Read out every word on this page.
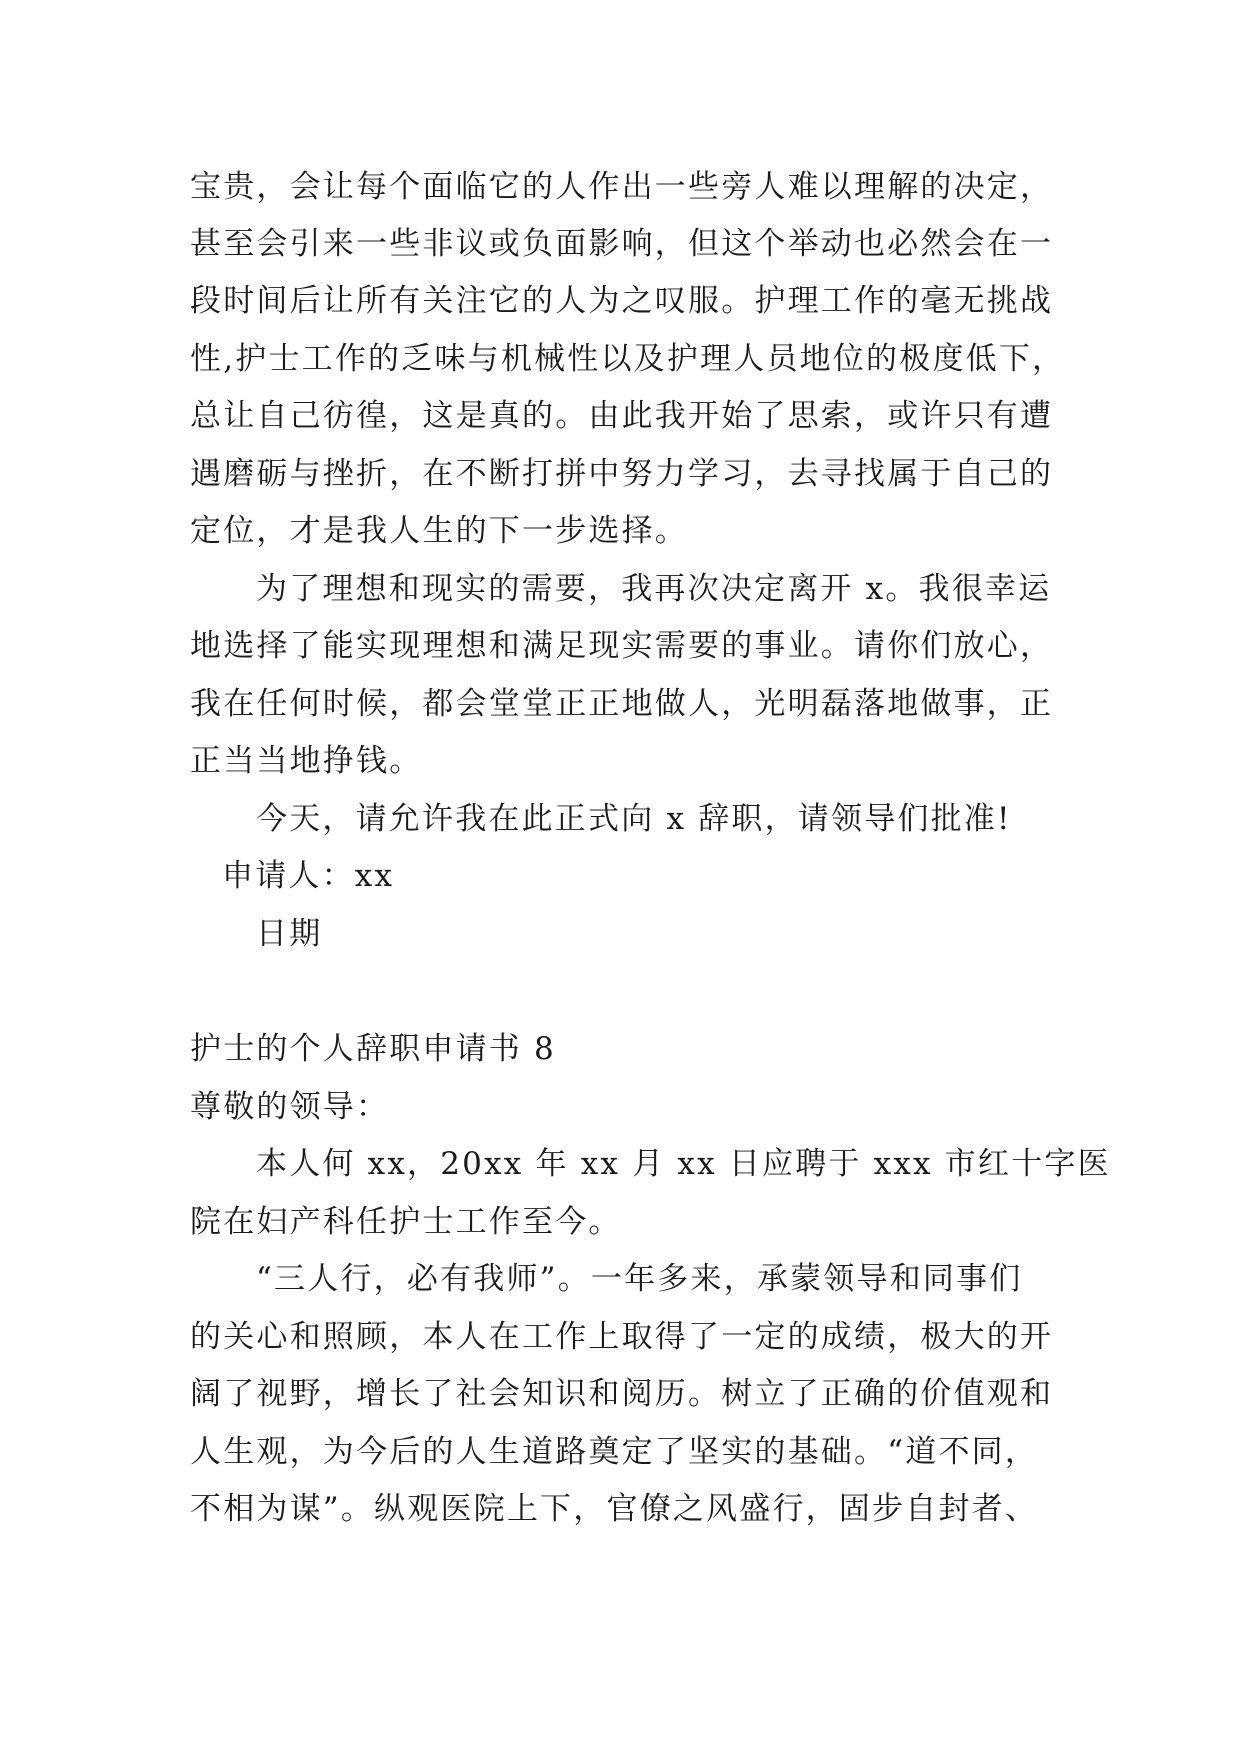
宝贵，会让每个面临它的人作出一些旁人难以理解的决定，
甚至会引来一些非议或负面影响，但这个举动也必然会在一
段时间后让所有关注它的人为之叹服。护理工作的毫无挑战
性,护士工作的乏味与机械性以及护理人员地位的极度低下，
总让自己彷徨，这是真的。由此我开始了思索，或许只有遭
遇磨砺与挫折，在不断打拼中努力学习，去寻找属于自己的
定位，才是我人生的下一步选择。
为了理想和现实的需要，我再次决定离开 x。我很幸运
地选择了能实现理想和满足现实需要的事业。请你们放心，
我在任何时候，都会堂堂正正地做人，光明磊落地做事，正
正当当地挣钱。
今天，请允许我在此正式向 x 辞职，请领导们批准!
申请人：xx
日期
护士的个人辞职申请书 8
尊敬的领导：
本人何 xx，20xx 年 xx 月 xx 日应聘于 xxx 市红十字医
院在妇产科任护士工作至今。
“三人行，必有我师”。一年多来，承蒙领导和同事们
的关心和照顾，本人在工作上取得了一定的成绩，极大的开
阔了视野，增长了社会知识和阅历。树立了正确的价值观和
人生观，为今后的人生道路奠定了坚实的基础。“道不同，
不相为谋”。纵观医院上下，官僚之风盛行，固步自封者、
